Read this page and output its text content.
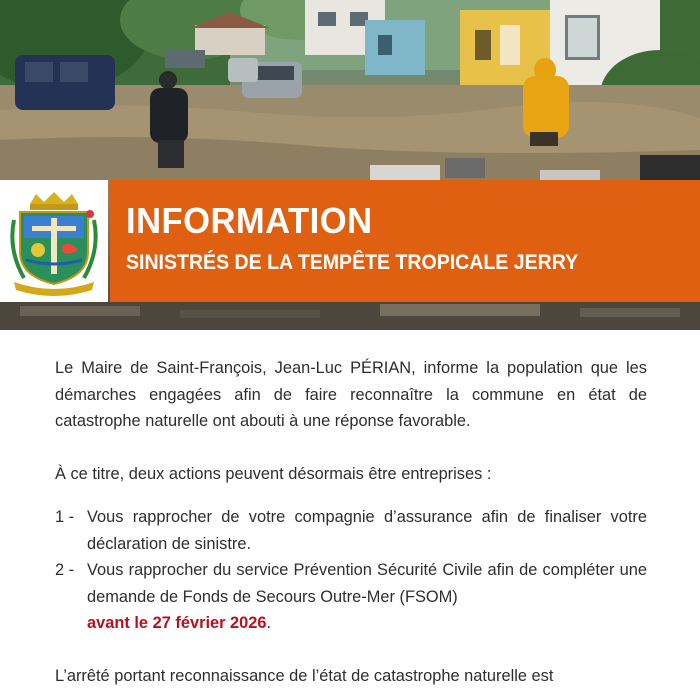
INFORMATION
SINISTRÉS DE LA TEMPÊTE TROPICALE JERRY

Le Maire de Saint-François, Jean-Luc PÉRIAN, informe la population que les démarches engagées afin de faire reconnaître la commune en état de catastrophe naturelle ont abouti à une réponse favorable.

À ce titre, deux actions peuvent désormais être entreprises :

1 - Vous rapprocher de votre compagnie d’assurance afin de finaliser votre déclaration de sinistre.
2 - Vous rapprocher du service Prévention Sécurité Civile afin de compléter une demande de Fonds de Secours Outre-Mer (FSOM)
avant le 27 février 2026.

L’arrêté portant reconnaissance de l’état de catastrophe naturelle est
